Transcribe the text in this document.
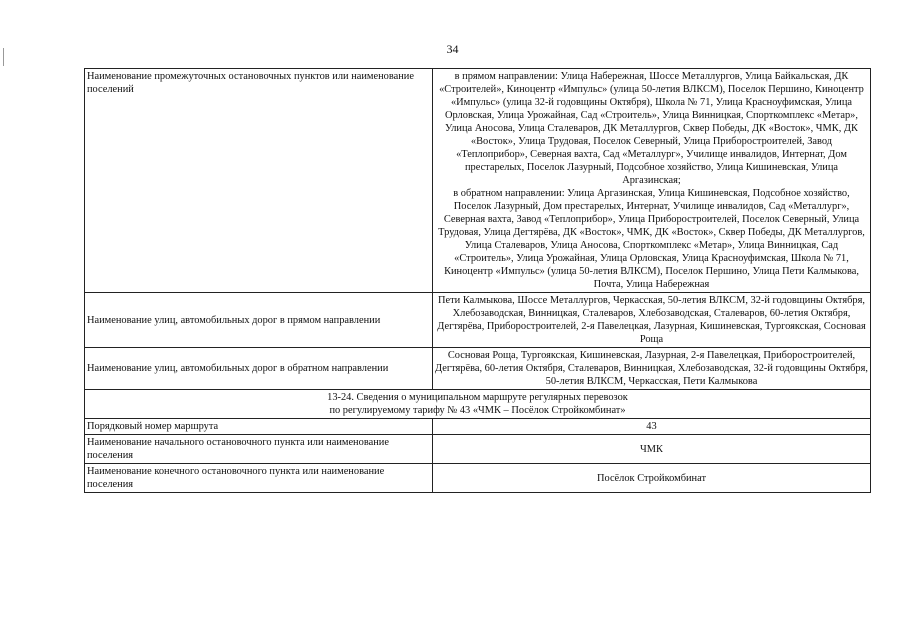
34
Наименование промежуточных остановочных пунктов или наименование поселений	в прямом направлении: Улица Набережная, Шоссе Металлургов, Улица Байкальская, ДК «Строителей», Киноцентр «Импульс» (улица 50-летия ВЛКСМ), Поселок Першино, Киноцентр «Импульс» (улица 32-й годовщины Октября), Школа № 71, Улица Красноуфимская, Улица Орловская, Улица Урожайная, Сад «Строитель», Улица Винницкая, Спорткомплекс «Метар», Улица Аносова, Улица Сталеваров, ДК Металлургов, Сквер Победы, ДК «Восток», ЧМК, ДК «Восток», Улица Трудовая, Поселок Северный, Улица Приборостроителей, Завод «Теплоприбор», Северная вахта, Сад «Металлург», Училище инвалидов, Интернат, Дом престарелых, Поселок Лазурный, Подсобное хозяйство, Улица Кишиневская, Улица Аргазинская;
в обратном направлении: Улица Аргазинская, Улица Кишиневская, Подсобное хозяйство, Поселок Лазурный, Дом престарелых, Интернат, Училище инвалидов, Сад «Металлург», Северная вахта, Завод «Теплоприбор», Улица Приборостроителей, Поселок Северный, Улица Трудовая, Улица Дегтярёва, ДК «Восток», ЧМК, ДК «Восток», Сквер Победы, ДК Металлургов, Улица Сталеваров, Улица Аносова, Спорткомплекс «Метар», Улица Винницкая, Сад «Строитель», Улица Урожайная, Улица Орловская, Улица Красноуфимская, Школа № 71, Киноцентр «Импульс» (улица 50-летия ВЛКСМ), Поселок Першино, Улица Пети Калмыкова, Почта, Улица Набережная
Наименование улиц, автомобильных дорог в прямом направлении	Пети Калмыкова, Шоссе Металлургов, Черкасская, 50-летия ВЛКСМ, 32-й годовщины Октября, Хлебозаводская, Винницкая, Сталеваров, Хлебозаводская, Сталеваров, 60-летия Октября, Дегтярёва, Приборостроителей, 2-я Павелецкая, Лазурная, Кишиневская, Тургоякская, Сосновая Роща
Наименование улиц, автомобильных дорог в обратном направлении	Сосновая Роща, Тургоякская, Кишиневская, Лазурная, 2-я Павелецкая, Приборостроителей, Дегтярёва, 60-летия Октября, Сталеваров, Винницкая, Хлебозаводская, 32-й годовщины Октября, 50-летия ВЛКСМ, Черкасская, Пети Калмыкова
13-24. Сведения о муниципальном маршруте регулярных перевозок
по регулируемому тарифу № 43 «ЧМК – Посёлок Стройкомбинат»	
Порядковый номер маршрута	43
Наименование начального остановочного пункта или наименование поселения	ЧМК
Наименование конечного остановочного пункта или наименование поселения	Посёлок Стройкомбинат
